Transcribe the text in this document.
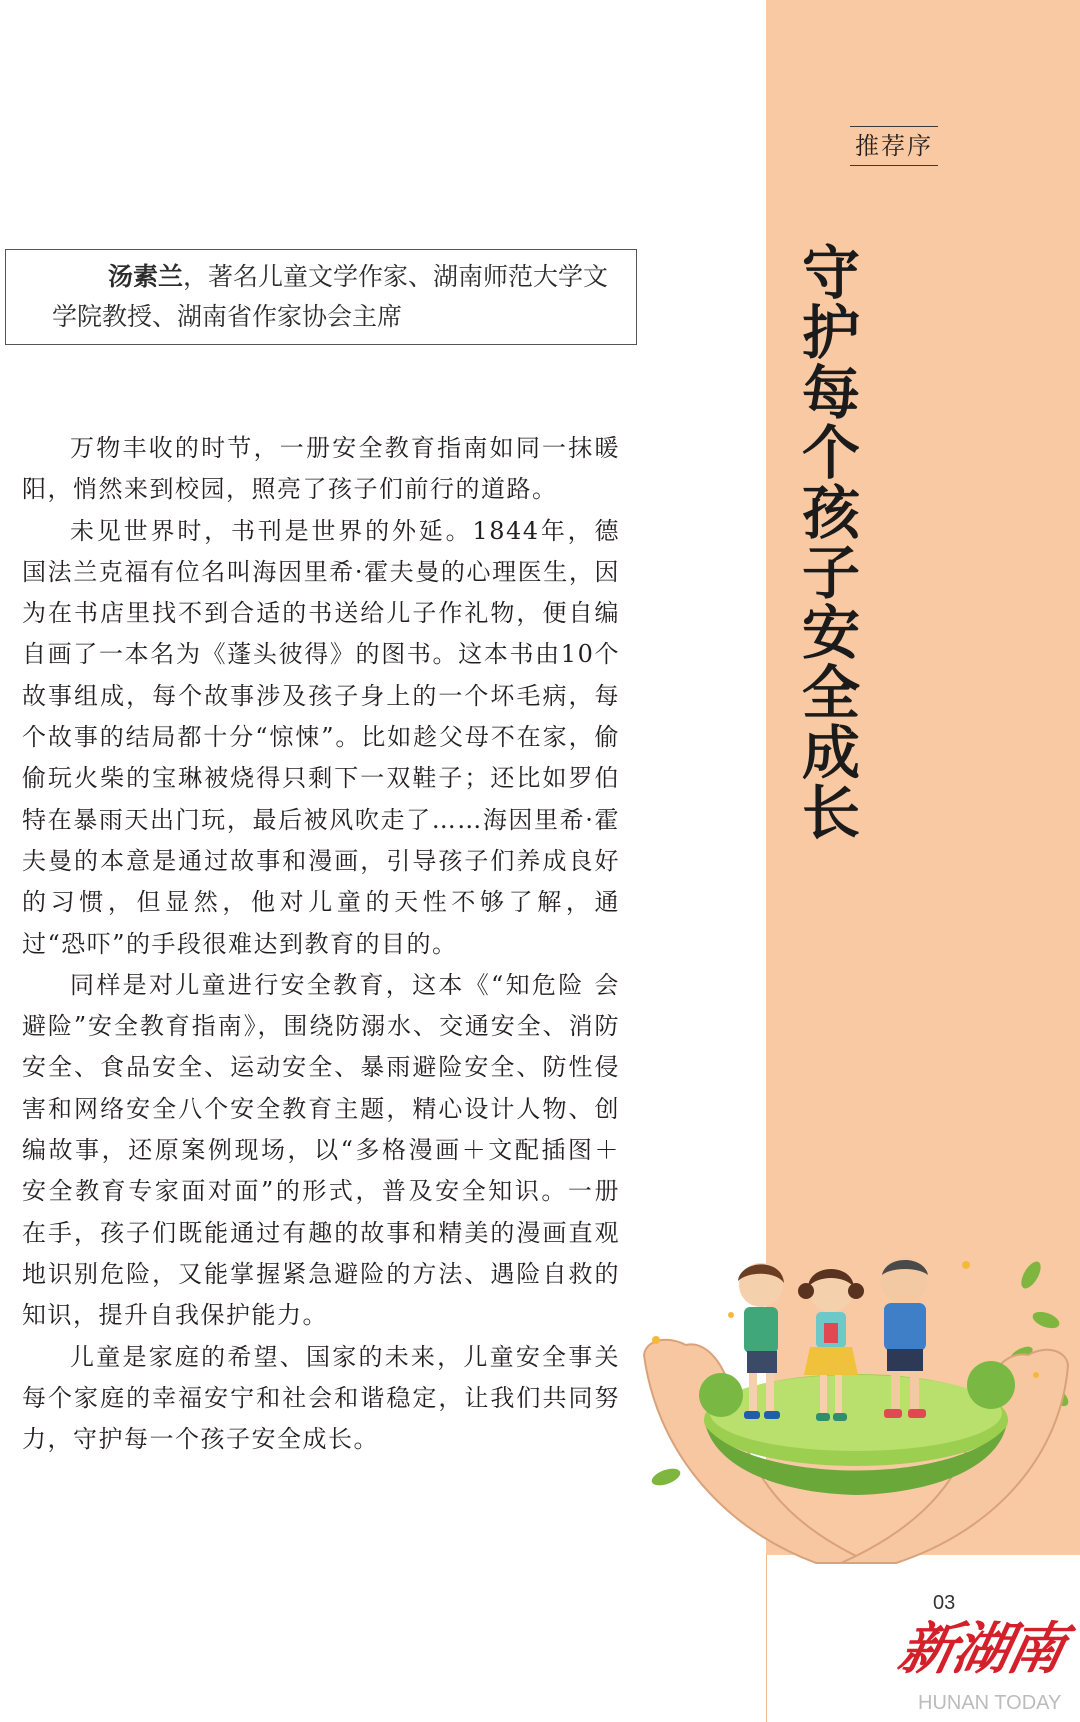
推荐序
守护每个孩子安全成长
汤素兰，著名儿童文学作家、湖南师范大学文学院教授、湖南省作家协会主席

万物丰收的时节，一册安全教育指南如同一抹暖阳，悄然来到校园，照亮了孩子们前行的道路。

未见世界时，书刊是世界的外延。1844年，德国法兰克福有位名叫海因里希·霍夫曼的心理医生，因为在书店里找不到合适的书送给儿子作礼物，便自编自画了一本名为《蓬头彼得》的图书。这本书由10个故事组成，每个故事涉及孩子身上的一个坏毛病，每个故事的结局都十分“惊悚”。比如趁父母不在家，偷偷玩火柴的宝琳被烧得只剩下一双鞋子；还比如罗伯特在暴雨天出门玩，最后被风吹走了……海因里希·霍夫曼的本意是通过故事和漫画，引导孩子们养成良好的习惯，但显然，他对儿童的天性不够了解，通过“恐吓”的手段很难达到教育的目的。

同样是对儿童进行安全教育，这本《“知危险 会避险”安全教育指南》，围绕防溺水、交通安全、消防安全、食品安全、运动安全、暴雨避险安全、防性侵害和网络安全八个安全教育主题，精心设计人物、创编故事，还原案例现场，以“多格漫画＋文配插图＋安全教育专家面对面”的形式，普及安全知识。一册在手，孩子们既能通过有趣的故事和精美的漫画直观地识别危险，又能掌握紧急避险的方法、遇险自救的知识，提升自我保护能力。

儿童是家庭的希望、国家的未来，儿童安全事关每个家庭的幸福安宁和社会和谐稳定，让我们共同努力，守护每一个孩子安全成长。

03
新湖南
HUNAN TODAY
